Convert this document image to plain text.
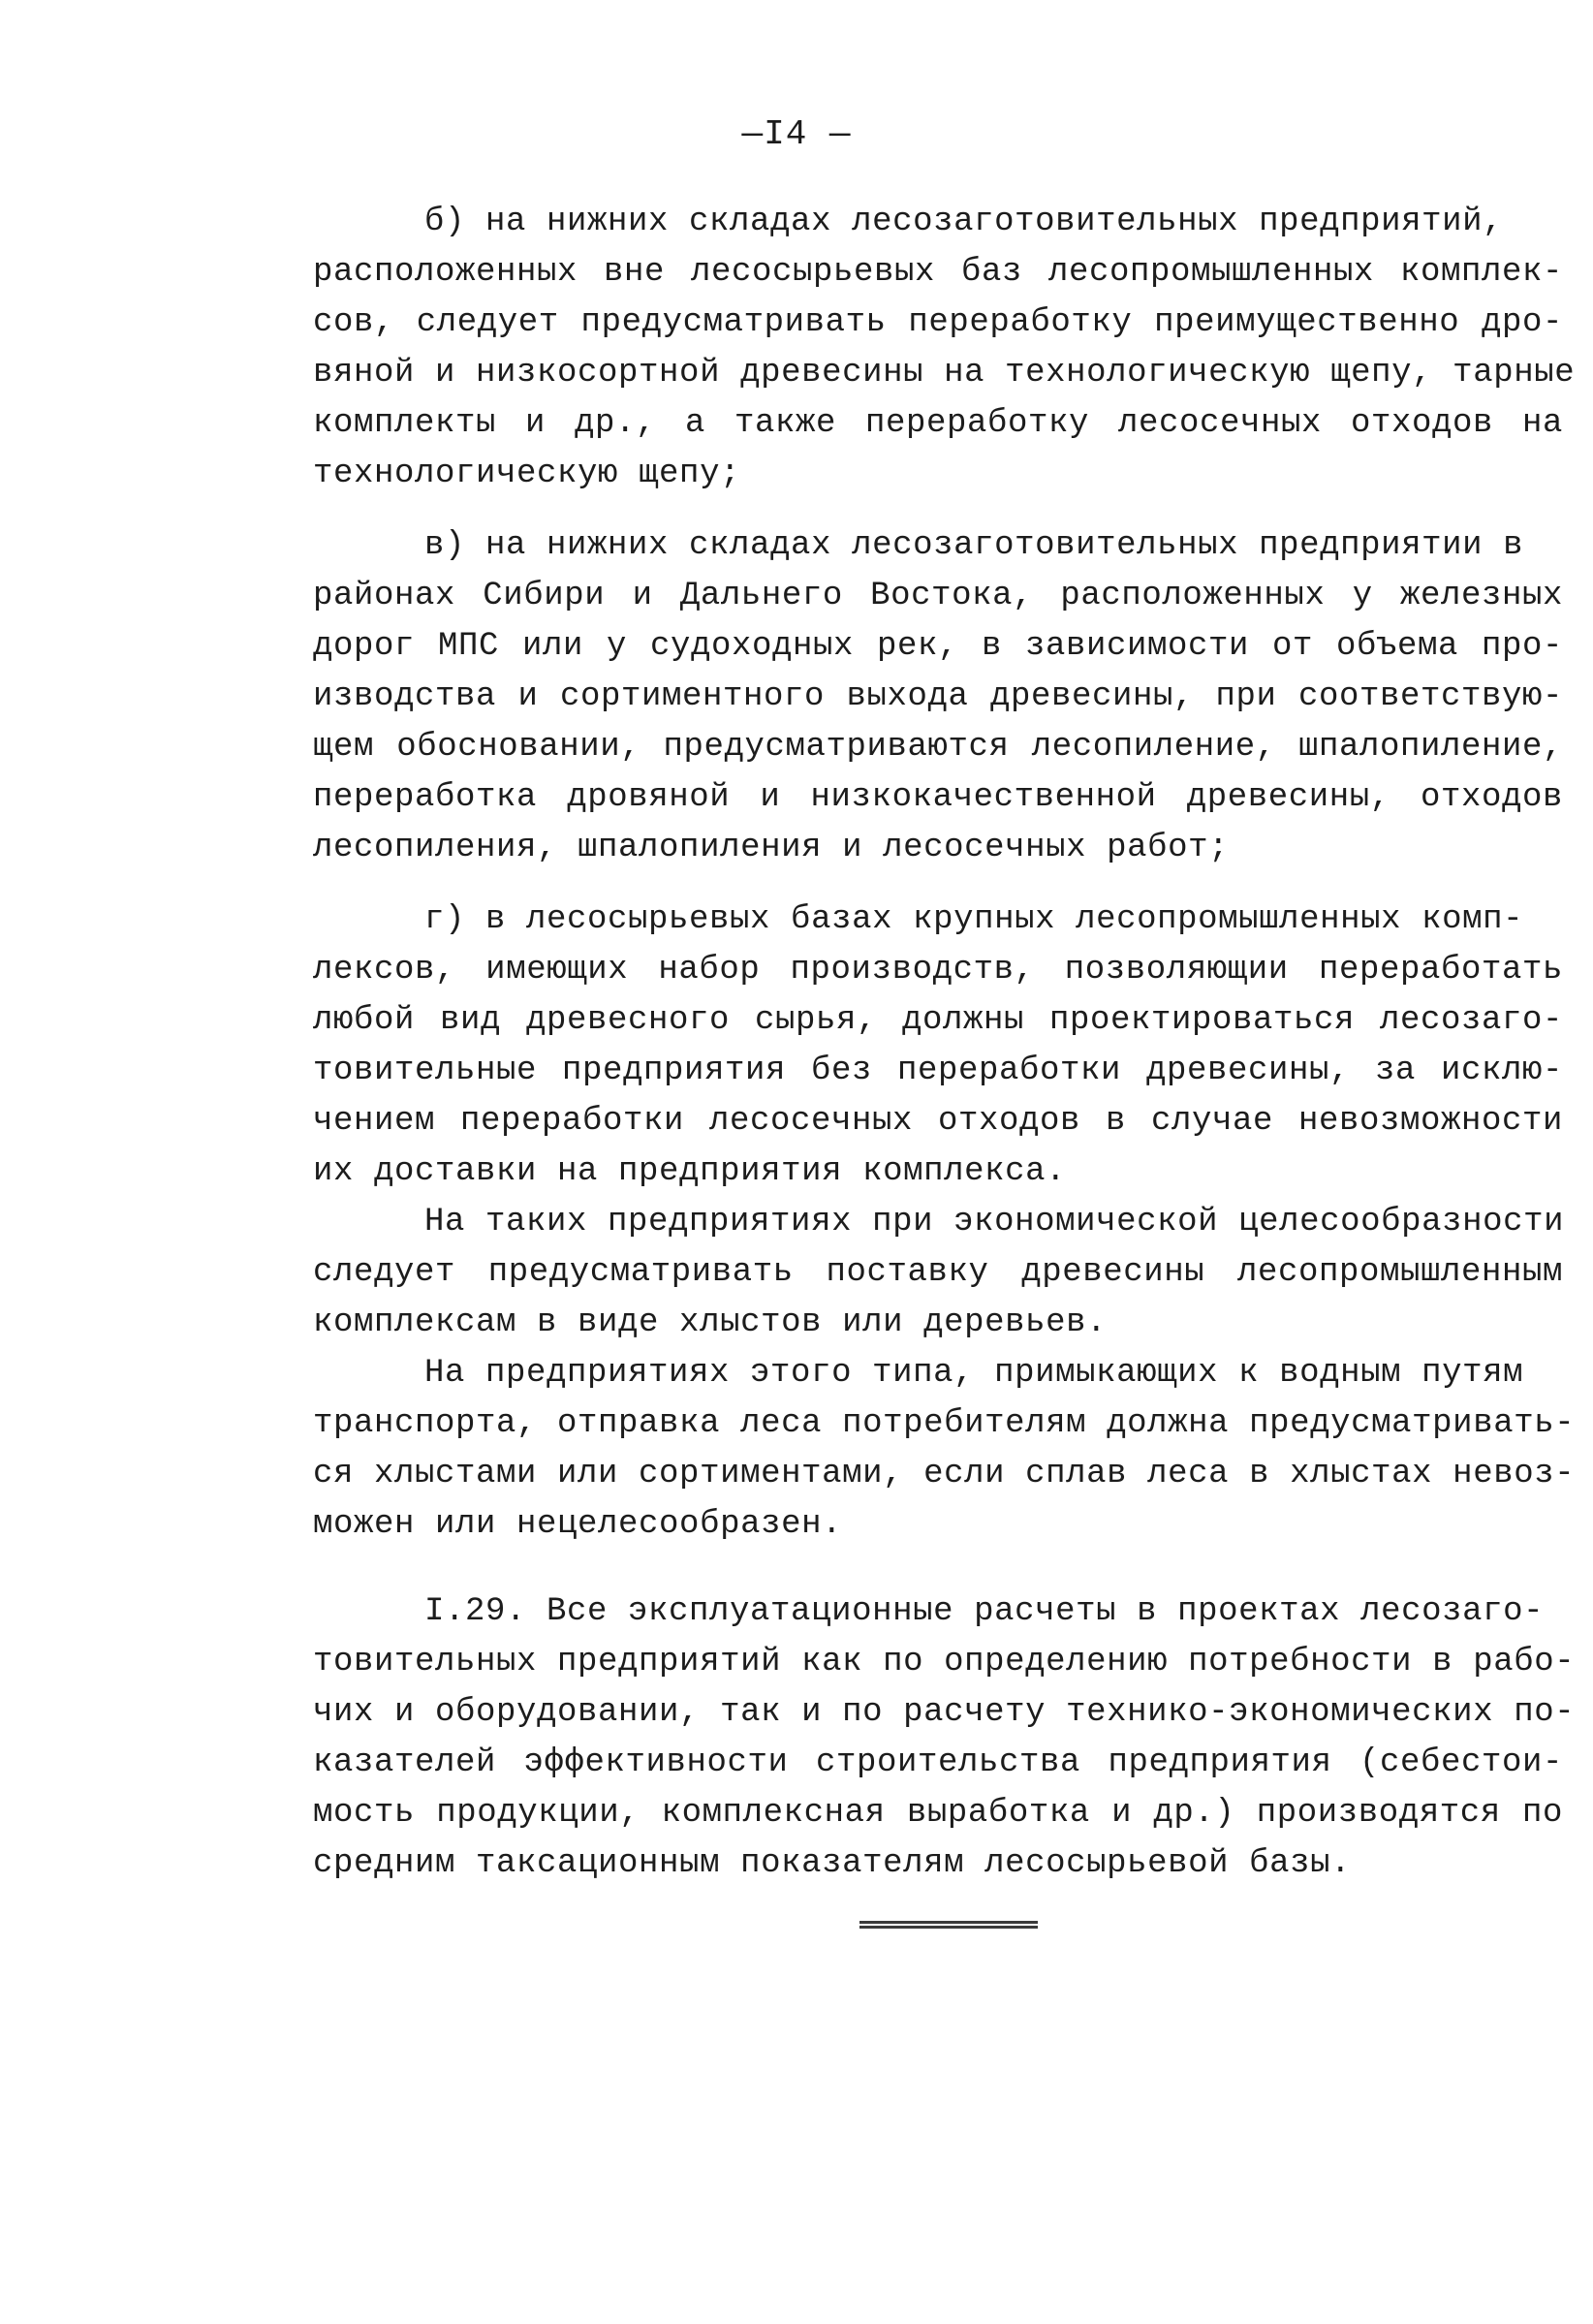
—I4 —
б) на нижних складах лесозаготовительных предприятий,
расположенных вне лесосырьевых баз лесопромышленных комплек-
сов, следует предусматривать переработку преимущественно дро-
вяной и низкосортной древесины на технологическую щепу, тарные
комплекты и др., а также переработку лесосечных отходов на
технологическую щепу;
в) на нижних складах лесозаготовительных предприятии в
районах Сибири и Дальнего Востока, расположенных у железных
дорог МПС или у судоходных рек, в зависимости от объема про-
изводства и сортиментного выхода древесины, при соответствую-
щем обосновании, предусматриваются лесопиление, шпалопиление,
переработка дровяной и низкокачественной древесины, отходов
лесопиления, шпалопиления и лесосечных работ;
г) в лесосырьевых базах крупных лесопромышленных комп-
лексов, имеющих набор производств, позволяющии переработать
любой вид древесного сырья, должны проектироваться лесозаго-
товительные предприятия без переработки древесины, за исклю-
чением переработки лесосечных отходов в случае невозможности
их доставки на предприятия комплекса.
На таких предприятиях при экономической целесообразности
следует предусматривать поставку древесины лесопромышленным
комплексам в виде хлыстов или деревьев.
На предприятиях этого типа, примыкающих к водным путям
транспорта, отправка леса потребителям должна предусматривать-
ся хлыстами или сортиментами, если сплав леса в хлыстах невоз-
можен или нецелесообразен.
I.29. Все эксплуатационные расчеты в проектах лесозаго-
товительных предприятий как по определению потребности в рабо-
чих и оборудовании, так и по расчету технико-экономических по-
казателей эффективности строительства предприятия (себестои-
мость продукции, комплексная выработка и др.) производятся по
средним таксационным показателям лесосырьевой базы.
